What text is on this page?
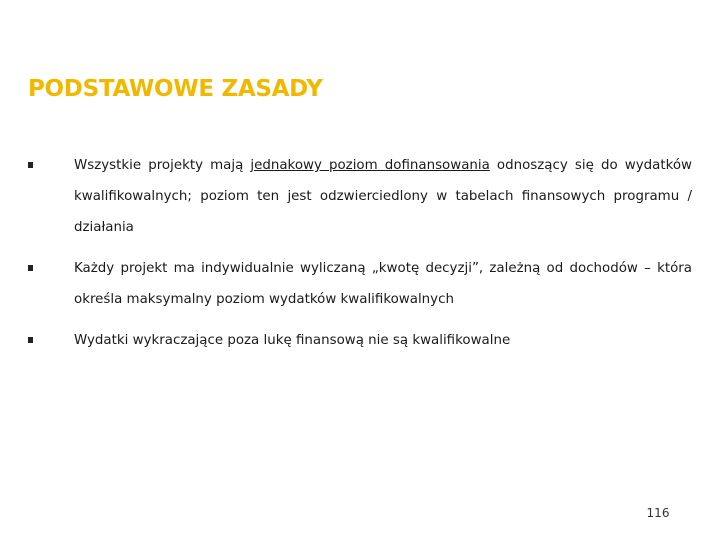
PODSTAWOWE ZASADY
Wszystkie projekty mają jednakowy poziom dofinansowania odnoszący się do wydatków kwalifikowalnych; poziom ten jest odzwierciedlony w tabelach finansowych programu / działania
Każdy projekt ma indywidualnie wyliczaną „kwotę decyzji”, zależną od dochodów – która określa maksymalny poziom wydatków kwalifikowalnych
Wydatki wykraczające poza lukę finansową nie są kwalifikowalne
116
